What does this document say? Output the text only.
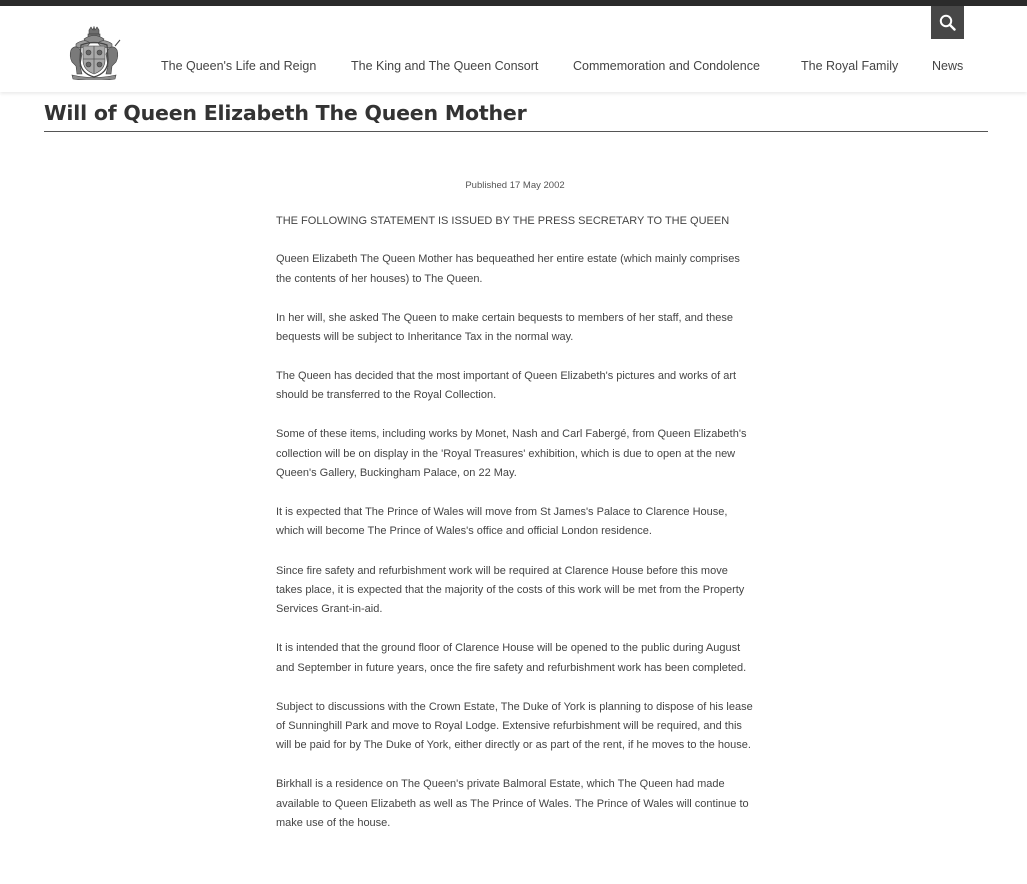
The Queen's Life and Reign	The King and The Queen Consort	Commemoration and Condolence	The Royal Family	News
Will of Queen Elizabeth The Queen Mother
Published 17 May 2002

THE FOLLOWING STATEMENT IS ISSUED BY THE PRESS SECRETARY TO THE QUEEN

Queen Elizabeth The Queen Mother has bequeathed her entire estate (which mainly comprises the contents of her houses) to The Queen.

In her will, she asked The Queen to make certain bequests to members of her staff, and these bequests will be subject to Inheritance Tax in the normal way.

The Queen has decided that the most important of Queen Elizabeth's pictures and works of art should be transferred to the Royal Collection.

Some of these items, including works by Monet, Nash and Carl Fabergé, from Queen Elizabeth's collection will be on display in the 'Royal Treasures' exhibition, which is due to open at the new Queen's Gallery, Buckingham Palace, on 22 May.

It is expected that The Prince of Wales will move from St James's Palace to Clarence House, which will become The Prince of Wales's office and official London residence.

Since fire safety and refurbishment work will be required at Clarence House before this move takes place, it is expected that the majority of the costs of this work will be met from the Property Services Grant-in-aid.

It is intended that the ground floor of Clarence House will be opened to the public during August and September in future years, once the fire safety and refurbishment work has been completed.

Subject to discussions with the Crown Estate, The Duke of York is planning to dispose of his lease of Sunninghill Park and move to Royal Lodge. Extensive refurbishment will be required, and this will be paid for by The Duke of York, either directly or as part of the rent, if he moves to the house.

Birkhall is a residence on The Queen's private Balmoral Estate, which The Queen had made available to Queen Elizabeth as well as The Prince of Wales. The Prince of Wales will continue to make use of the house.
